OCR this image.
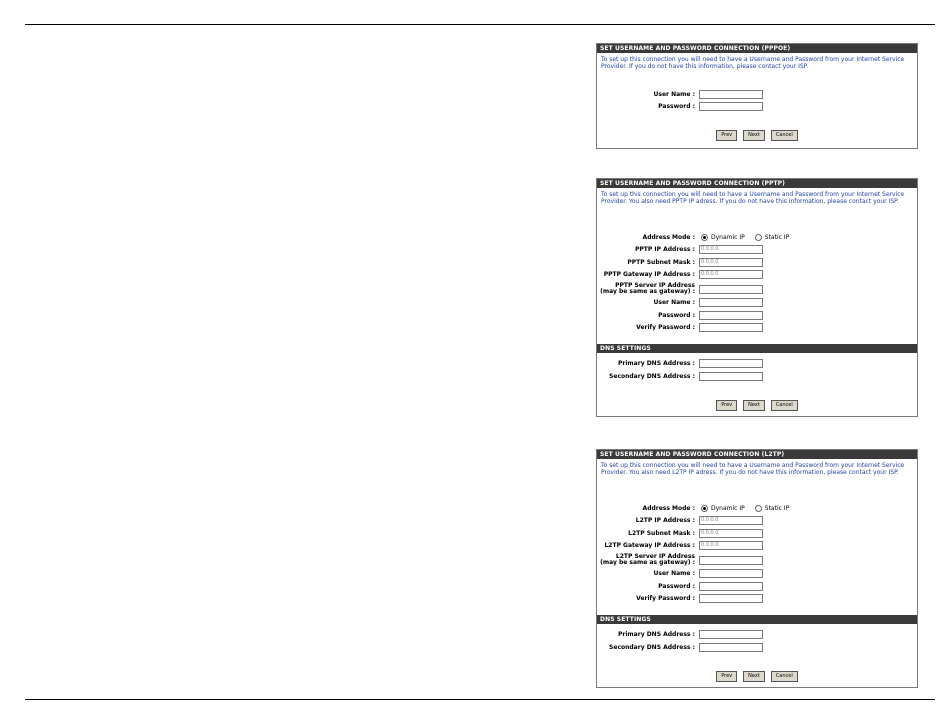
SET USERNAME AND PASSWORD CONNECTION (PPPOE)
To set up this connection you will need to have a Username and Password from your Internet Service Provider. If you do not have this information, please contact your ISP.
User Name :
Password :
Prev	Next	Cancel
SET USERNAME AND PASSWORD CONNECTION (PPTP)
To set up this connection you will need to have a Username and Password from your Internet Service Provider. You also need PPTP IP adress. If you do not have this information, please contact your ISP.
Address Mode :	Dynamic IP	Static IP
PPTP IP Address :	0.0.0.0
PPTP Subnet Mask :	0.0.0.0
PPTP Gateway IP Address :	0.0.0.0
PPTP Server IP Address
(may be same as gateway) :
User Name :
Password :
Verify Password :
DNS SETTINGS
Primary DNS Address :
Secondary DNS Address :
Prev	Next	Cancel
SET USERNAME AND PASSWORD CONNECTION (L2TP)
To set up this connection you will need to have a Username and Password from your Internet Service Provider. You also need L2TP IP adress. If you do not have this information, please contact your ISP.
Address Mode :	Dynamic IP	Static IP
L2TP IP Address :	0.0.0.0
L2TP Subnet Mask :	0.0.0.0
L2TP Gateway IP Address :	0.0.0.0
L2TP Server IP Address
(may be same as gateway) :
User Name :
Password :
Verify Password :
DNS SETTINGS
Primary DNS Address :
Secondary DNS Address :
Prev	Next	Cancel
